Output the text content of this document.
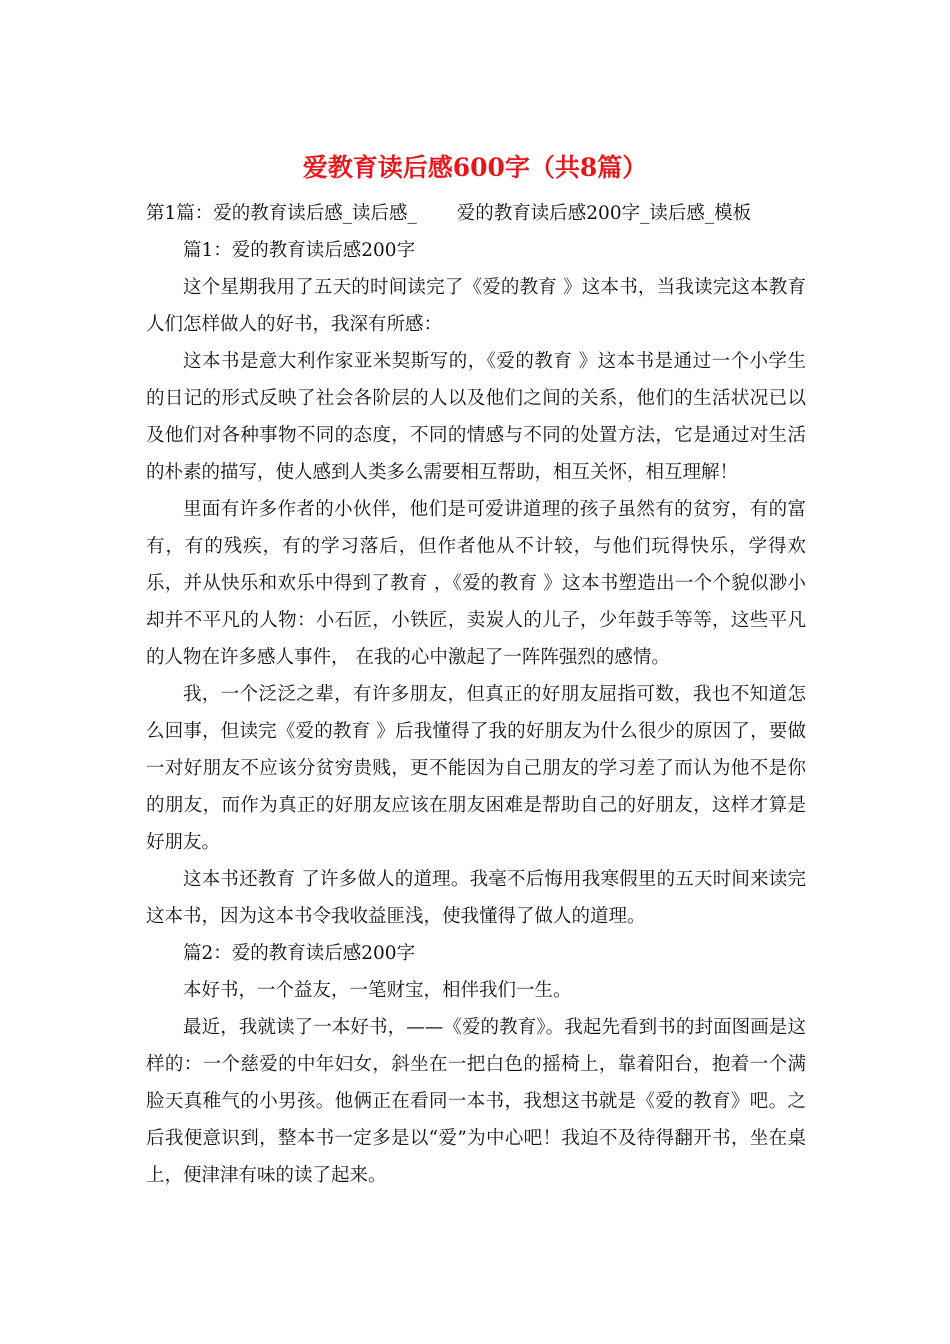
爱教育读后感600字（共8篇）

第1篇：爱的教育读后感_读后感_ 爱的教育读后感200字_读后感_模板

篇1：爱的教育读后感200字

这个星期我用了五天的时间读完了《爱的教育 》这本书，当我读完这本教育 人们怎样做人的好书，我深有所感：

这本书是意大利作家亚米契斯写的，《爱的教育 》这本书是通过一个小学生的日记的形式反映了社会各阶层的人以及他们之间的关系，他们的生活状况已以及他们对各种事物不同的态度，不同的情感与不同的处置方法，它是通过对生活的朴素的描写，使人感到人类多么需要相互帮助，相互关怀，相互理解！

里面有许多作者的小伙伴，他们是可爱讲道理的孩子虽然有的贫穷，有的富有，有的残疾，有的学习落后，但作者他从不计较，与他们玩得快乐，学得欢乐，并从快乐和欢乐中得到了教育 ，《爱的教育 》这本书塑造出一个个貌似渺小却并不平凡的人物：小石匠，小铁匠，卖炭人的儿子，少年鼓手等等，这些平凡的人物在许多感人事件， 在我的心中激起了一阵阵强烈的感情。

我，一个泛泛之辈，有许多朋友，但真正的好朋友屈指可数，我也不知道怎么回事，但读完《爱的教育 》后我懂得了我的好朋友为什么很少的原因了，要做一对好朋友不应该分贫穷贵贱，更不能因为自己朋友的学习差了而认为他不是你的朋友，而作为真正的好朋友应该在朋友困难是帮助自己的好朋友，这样才算是好朋友。

这本书还教育 了许多做人的道理。我毫不后悔用我寒假里的五天时间来读完这本书，因为这本书令我收益匪浅，使我懂得了做人的道理。

篇2：爱的教育读后感200字

本好书，一个益友，一笔财宝，相伴我们一生。

最近，我就读了一本好书，——《爱的教育》。我起先看到书的封面图画是这样的：一个慈爱的中年妇女，斜坐在一把白色的摇椅上，靠着阳台，抱着一个满脸天真稚气的小男孩。他俩正在看同一本书，我想这书就是《爱的教育》吧。之后我便意识到，整本书一定多是以“爱”为中心吧！我迫不及待得翻开书，坐在桌上，便津津有味的读了起来。
